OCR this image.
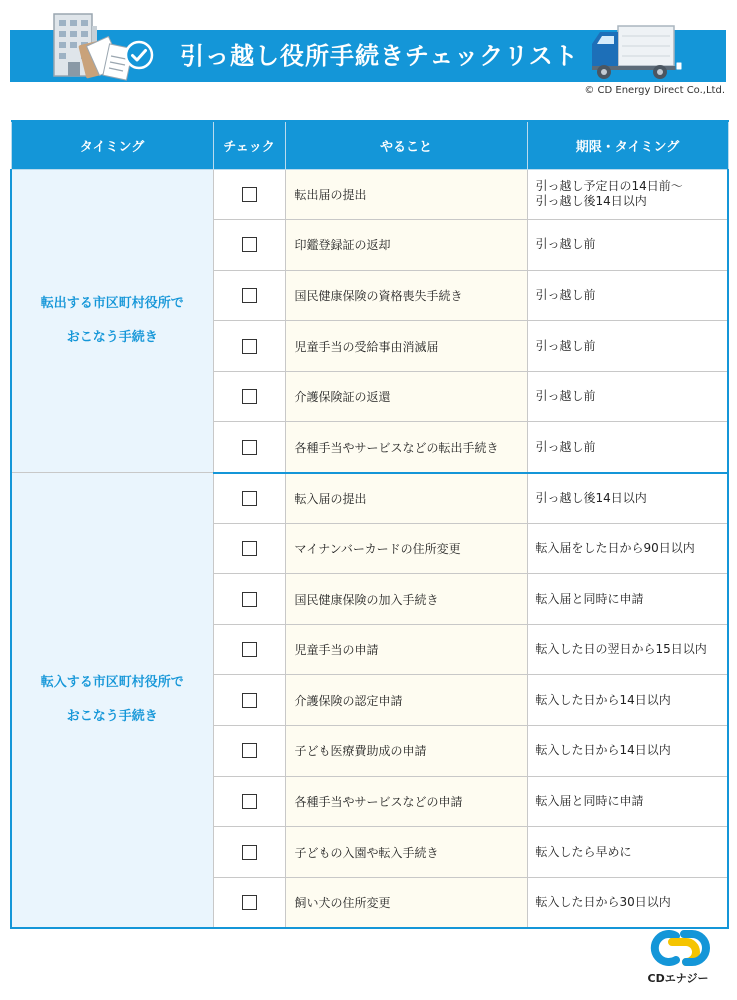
引っ越し役所手続きチェックリスト
© CD Energy Direct Co.,Ltd.
タイミング	チェック	やること	期限・タイミング
転出する市区町村役所で
おこなう手続き		転出届の提出	引っ越し予定日の14日前〜
引っ越し後14日以内
		印鑑登録証の返却	引っ越し前
		国民健康保険の資格喪失手続き	引っ越し前
		児童手当の受給事由消滅届	引っ越し前
		介護保険証の返還	引っ越し前
		各種手当やサービスなどの転出手続き	引っ越し前
転入する市区町村役所で
おこなう手続き		転入届の提出	引っ越し後14日以内
		マイナンバーカードの住所変更	転入届をした日から90日以内
		国民健康保険の加入手続き	転入届と同時に申請
		児童手当の申請	転入した日の翌日から15日以内
		介護保険の認定申請	転入した日から14日以内
		子ども医療費助成の申請	転入した日から14日以内
		各種手当やサービスなどの申請	転入届と同時に申請
		子どもの入園や転入手続き	転入したら早めに
		飼い犬の住所変更	転入した日から30日以内
CDエナジー
